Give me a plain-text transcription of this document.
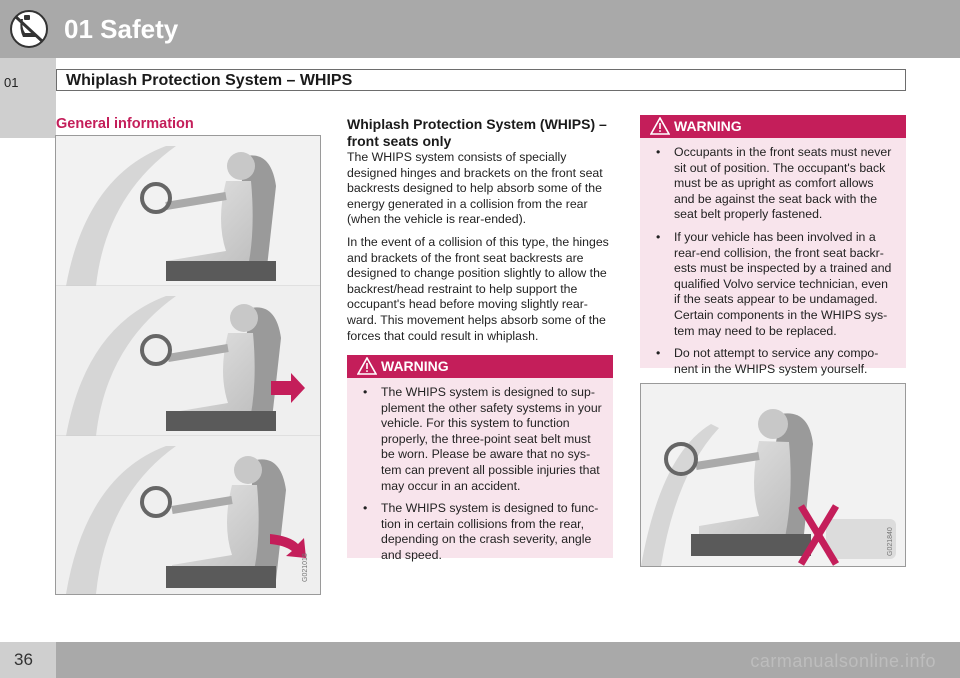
01 Safety
01	Whiplash Protection System – WHIPS
General information
G021018
Whiplash Protection System (WHIPS) – front seats only

The WHIPS system consists of specially designed hinges and brackets on the front seat backrests designed to help absorb some of the energy generated in a collision from the rear (when the vehicle is rear-ended).

In the event of a collision of this type, the hinges and brackets of the front seat backrests are designed to change position slightly to allow the backrest/head restraint to help support the occupant's head before moving slightly rear-ward. This movement helps absorb some of the forces that could result in whiplash.

WARNING
• The WHIPS system is designed to sup-plement the other safety systems in your vehicle. For this system to function properly, the three-point seat belt must be worn. Please be aware that no sys-tem can prevent all possible injuries that may occur in an accident.
• The WHIPS system is designed to func-tion in certain collisions from the rear, depending on the crash severity, angle and speed.
WARNING
• Occupants in the front seats must never sit out of position. The occupant's back must be as upright as comfort allows and be against the seat back with the seat belt properly fastened.
• If your vehicle has been involved in a rear-end collision, the front seat backr-ests must be inspected by a trained and qualified Volvo service technician, even if the seats appear to be undamaged. Certain components in the WHIPS sys-tem may need to be replaced.
• Do not attempt to service any compo-nent in the WHIPS system yourself.
G021840
36	carmanualsonline.info
